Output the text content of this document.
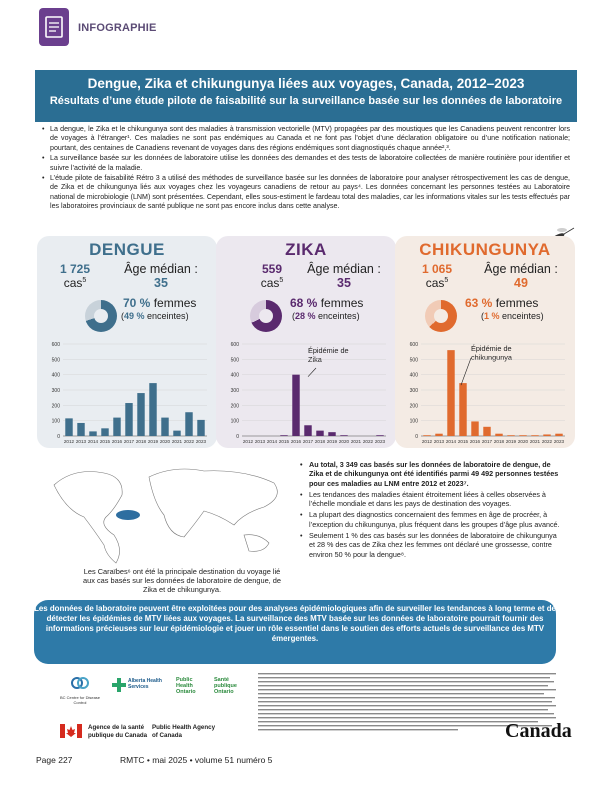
INFOGRAPHIE
Dengue, Zika et chikungunya liées aux voyages, Canada, 2012–2023
Résultats d’une étude pilote de faisabilité sur la surveillance basée sur les données de laboratoire
• La dengue, le Zika et le chikungunya sont des maladies à transmission vectorielle (MTV) propagées par des moustiques que les Canadiens peuvent rencontrer lors de voyages à l’étranger¹. Ces maladies ne sont pas endémiques au Canada et ne font pas l’objet d’une déclaration obligatoire ou d’une notification nationale; pourtant, des centaines de Canadiens revenant de voyages dans des régions endémiques sont diagnostiqués chaque année²,³.
• La surveillance basée sur les données de laboratoire utilise les données des demandes et des tests de laboratoire collectées de manière routinière pour identifier et suivre l’activité de la maladie.
• L’étude pilote de faisabilité Rétro 3 a utilisé des méthodes de surveillance basée sur les données de laboratoire pour analyser rétrospectivement les cas de dengue, de Zika et de chikungunya liés aux voyages chez les voyageurs canadiens de retour au pays⁴. Les données concernant les personnes testées au Laboratoire national de microbiologie (LNM) sont présentées. Cependant, elles sous-estiment le fardeau total des maladies, car les informations vitales sur les tests effectués par les laboratoires provinciaux de santé publique ne sont pas encore inclus dans cette analyse.
DENGUE
1 725
cas$^5$
Âge médian :
35
70 % femmes
(49 % enceintes)
0
100
200
300
400
500
600
2012 2013 2014 2015 2016 2017 2018 2019 2020 2021 2022 2023
ZIKA
559
cas$^5$
Âge médian :
35
68 % femmes
(28 % enceintes)
Épidémie de Zika
0
100
200
300
400
500
600
2012 2013 2014 2015 2016 2017 2018 2019 2020 2021 2022 2023
CHIKUNGUNYA
1 065
cas$^5$
Âge médian :
49
63 % femmes
(1 % enceintes)
Épidémie de chikungunya
0
100
200
300
400
500
600
2012 2013 2014 2015 2016 2017 2018 2019 2020 2021 2022 2023
Les Caraïbes⁶ ont été la principale destination du voyage lié aux cas basés sur les données de laboratoire de dengue, de Zika et de chikungunya.
• Au total, 3 349 cas basés sur les données de laboratoire de dengue, de Zika et de chikungunya ont été identifiés parmi 49 492 personnes testées pour ces maladies au LNM entre 2012 et 2023⁷.
• Les tendances des maladies étaient étroitement liées à celles observées à l’échelle mondiale et dans les pays de destination des voyages.
• La plupart des diagnostics concernaient des femmes en âge de procréer, à l’exception du chikungunya, plus fréquent dans les groupes d’âge plus avancé.
• Seulement 1 % des cas basés sur les données de laboratoire de chikungunya et 28 % des cas de Zika chez les femmes ont déclaré une grossesse, contre environ 50 % pour la dengue⁸.
Les données de laboratoire peuvent être exploitées pour des analyses épidémiologiques afin de surveiller les tendances à long terme et de détecter les épidémies de MTV liées aux voyages. La surveillance des MTV basée sur les données de laboratoire pourrait fournir des informations précieuses sur leur épidémiologie et jouer un rôle essentiel dans le soutien des efforts actuels de surveillance des MTV émergentes.
BC Centre for Disease Control
Alberta Health Services
Public Health Ontario
Santé publique Ontario
Agence de la santé publique du Canada
Public Health Agency of Canada	Canada
Page 227	RMTC • mai 2025 • volume 51 numéro 5
